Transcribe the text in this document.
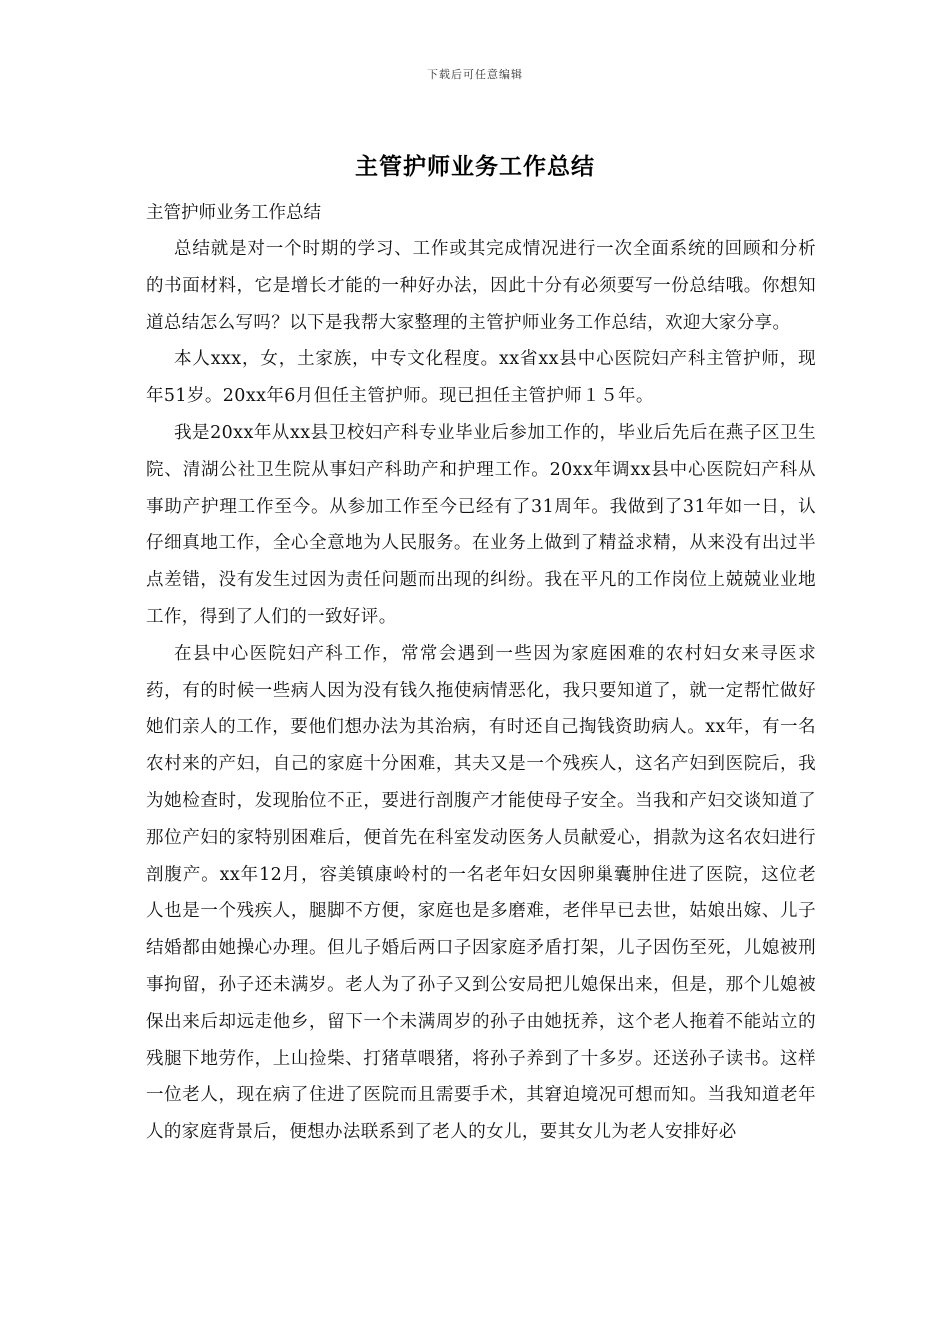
下载后可任意编辑
主管护师业务工作总结

主管护师业务工作总结

总结就是对一个时期的学习、工作或其完成情况进行一次全面系统的回顾和分析的书面材料，它是增长才能的一种好办法，因此十分有必须要写一份总结哦。你想知道总结怎么写吗？以下是我帮大家整理的主管护师业务工作总结，欢迎大家分享。

本人xxx，女，土家族，中专文化程度。xx省xx县中心医院妇产科主管护师，现年51岁。20xx年6月但任主管护师。现已担任主管护师１５年。

我是20xx年从xx县卫校妇产科专业毕业后参加工作的，毕业后先后在燕子区卫生院、清湖公社卫生院从事妇产科助产和护理工作。20xx年调xx县中心医院妇产科从事助产护理工作至今。从参加工作至今已经有了31周年。我做到了31年如一日，认仔细真地工作，全心全意地为人民服务。在业务上做到了精益求精，从来没有出过半点差错，没有发生过因为责任问题而出现的纠纷。我在平凡的工作岗位上兢兢业业地工作，得到了人们的一致好评。

在县中心医院妇产科工作，常常会遇到一些因为家庭困难的农村妇女来寻医求药，有的时候一些病人因为没有钱久拖使病情恶化，我只要知道了，就一定帮忙做好她们亲人的工作，要他们想办法为其治病，有时还自己掏钱资助病人。xx年，有一名农村来的产妇，自己的家庭十分困难，其夫又是一个残疾人，这名产妇到医院后，我为她检查时，发现胎位不正，要进行剖腹产才能使母子安全。当我和产妇交谈知道了那位产妇的家特别困难后，便首先在科室发动医务人员献爱心，捐款为这名农妇进行剖腹产。xx年12月，容美镇康岭村的一名老年妇女因卵巢囊肿住进了医院，这位老人也是一个残疾人，腿脚不方便，家庭也是多磨难，老伴早已去世，姑娘出嫁、儿子结婚都由她操心办理。但儿子婚后两口子因家庭矛盾打架，儿子因伤至死，儿媳被刑事拘留，孙子还未满岁。老人为了孙子又到公安局把儿媳保出来，但是，那个儿媳被保出来后却远走他乡，留下一个未满周岁的孙子由她抚养，这个老人拖着不能站立的残腿下地劳作，上山捡柴、打猪草喂猪，将孙子养到了十多岁。还送孙子读书。这样一位老人，现在病了住进了医院而且需要手术，其窘迫境况可想而知。当我知道老年人的家庭背景后，便想办法联系到了老人的女儿，要其女儿为老人安排好必
